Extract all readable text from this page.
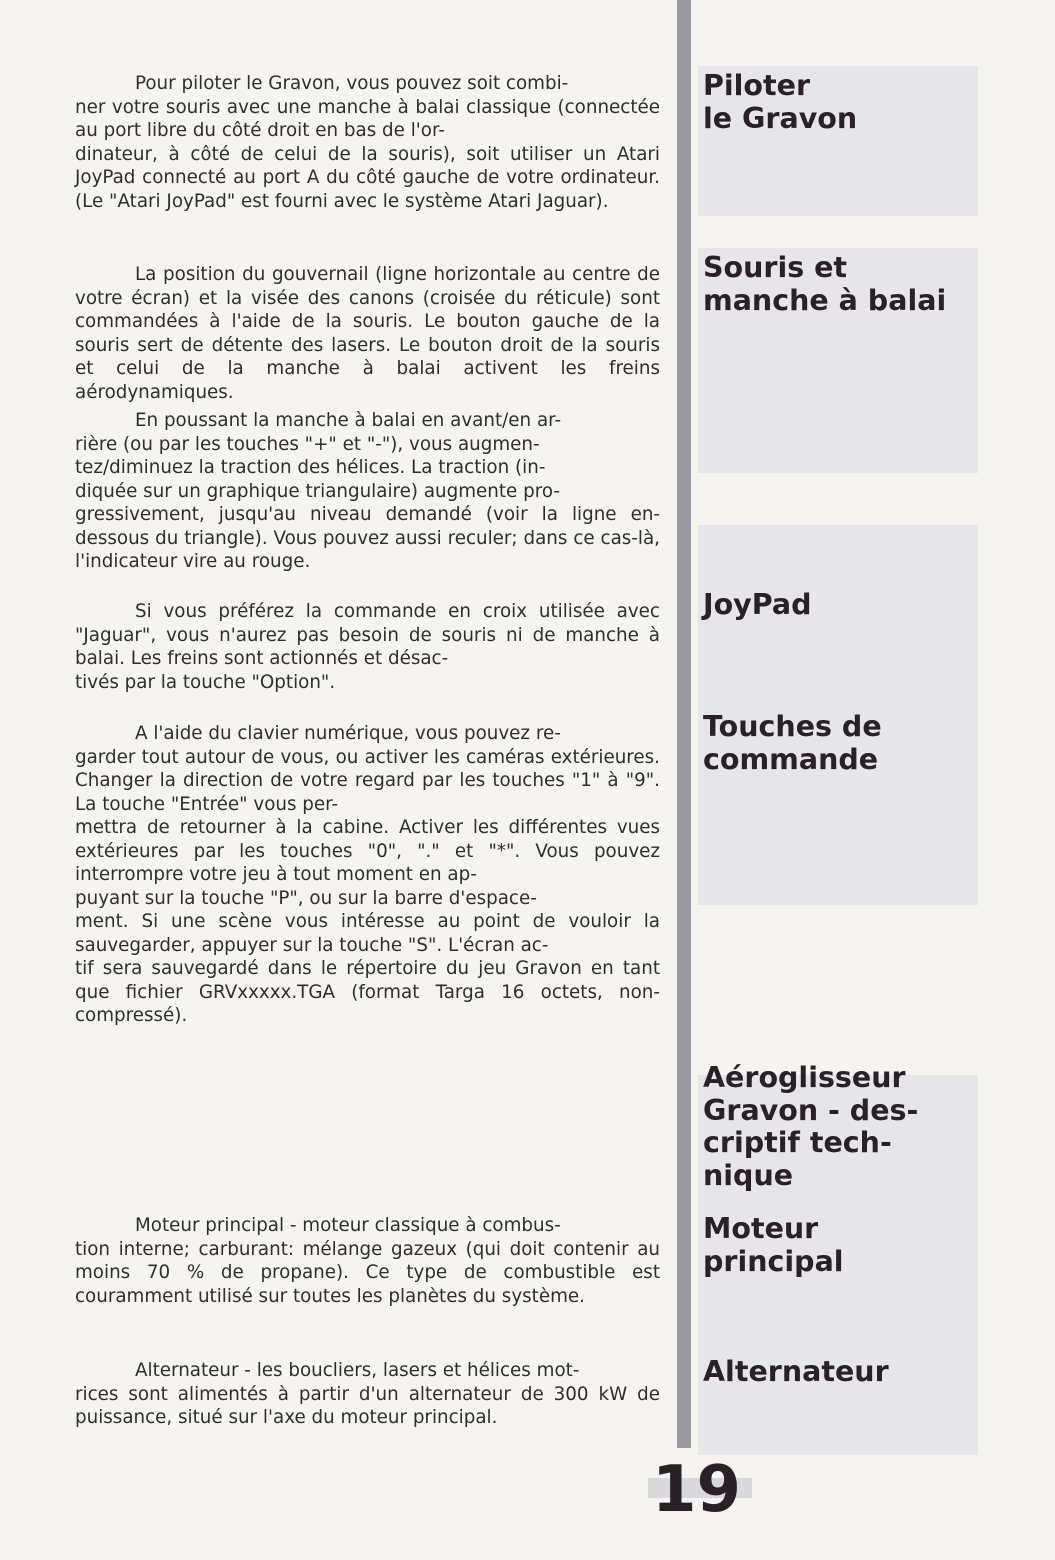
Piloter
le Gravon
Souris et
manche à balai
JoyPad
Touches de
commande
Aéroglisseur
Gravon - des-
criptif tech-
nique
Moteur
principal
Alternateur

Pour piloter le Gravon, vous pouvez soit combi-
ner votre souris avec une manche à balai classique (connectée au port libre du côté droit en bas de l'or-
dinateur, à côté de celui de la souris), soit utiliser un Atari JoyPad connecté au port A du côté gauche de votre ordinateur. (Le "Atari JoyPad" est fourni avec le système Atari Jaguar).

La position du gouvernail (ligne horizontale au centre de votre écran) et la visée des canons (croisée du réticule) sont commandées à l'aide de la souris. Le bouton gauche de la souris sert de détente des lasers. Le bouton droit de la souris et celui de la manche à balai activent les freins aérodynamiques.

En poussant la manche à balai en avant/en ar-
rière (ou par les touches "+" et "-"), vous augmen-
tez/diminuez la traction des hélices. La traction (in-
diquée sur un graphique triangulaire) augmente pro-
gressivement, jusqu'au niveau demandé (voir la ligne en-dessous du triangle). Vous pouvez aussi reculer; dans ce cas-là, l'indicateur vire au rouge.

Si vous préférez la commande en croix utilisée avec "Jaguar", vous n'aurez pas besoin de souris ni de manche à balai. Les freins sont actionnés et désac-
tivés par la touche "Option".

A l'aide du clavier numérique, vous pouvez re-
garder tout autour de vous, ou activer les caméras extérieures. Changer la direction de votre regard par les touches "1" à "9". La touche "Entrée" vous per-
mettra de retourner à la cabine. Activer les différentes vues extérieures par les touches "0", "." et "*". Vous pouvez interrompre votre jeu à tout moment en ap-
puyant sur la touche "P", ou sur la barre d'espace-
ment. Si une scène vous intéresse au point de vouloir la sauvegarder, appuyer sur la touche "S". L'écran ac-
tif sera sauvegardé dans le répertoire du jeu Gravon en tant que fichier GRVxxxxx.TGA (format Targa 16 octets, non-compressé).

Moteur principal - moteur classique à combus-
tion interne; carburant: mélange gazeux (qui doit contenir au moins 70 % de propane). Ce type de combustible est couramment utilisé sur toutes les planètes du système.

Alternateur - les boucliers, lasers et hélices mot-
rices sont alimentés à partir d'un alternateur de 300 kW de puissance, situé sur l'axe du moteur principal.

19
